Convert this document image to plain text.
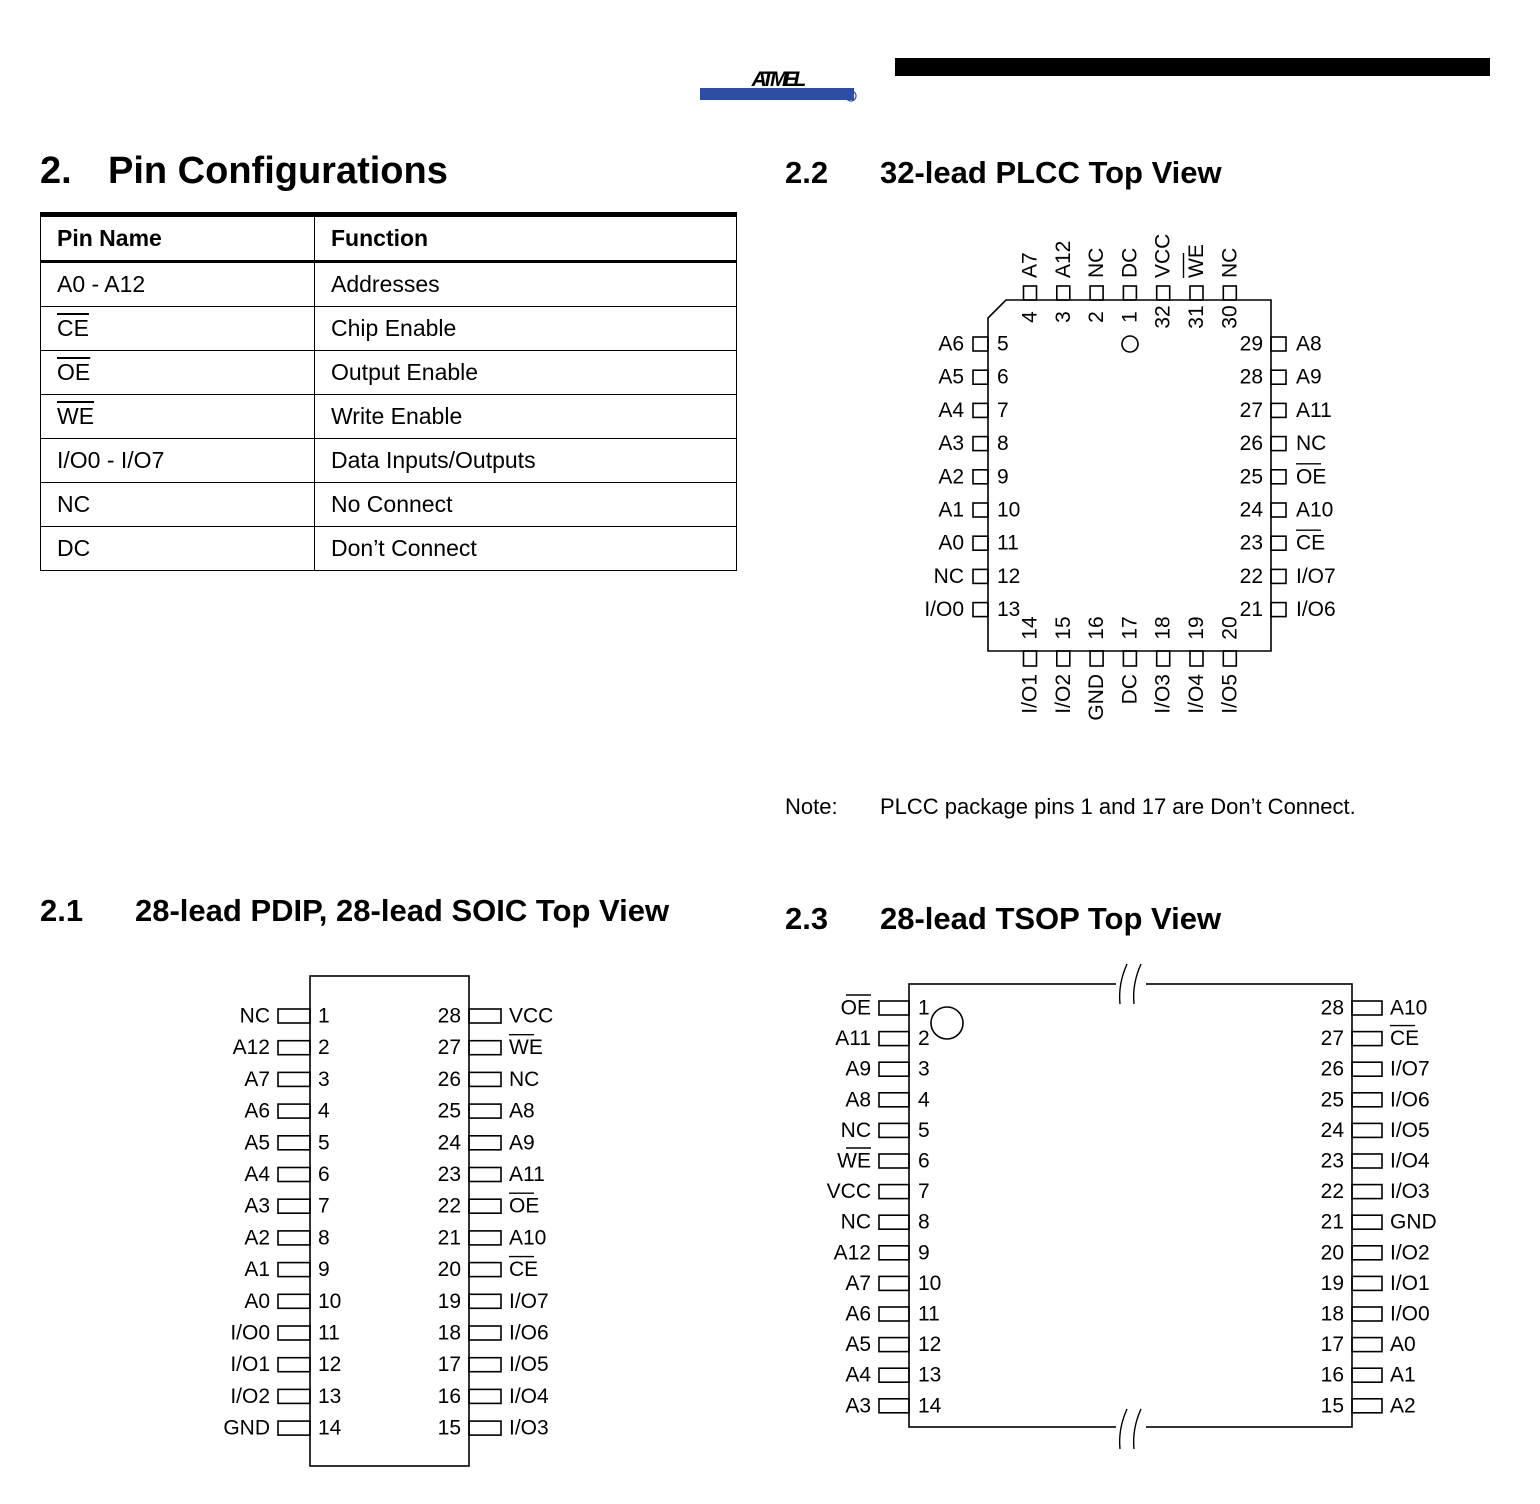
ATMEL
2. Pin Configurations
Pin Name	Function
A0 - A12	Addresses
$\overline{CE}$	Chip Enable
$\overline{OE}$	Output Enable
$\overline{WE}$	Write Enable
I/O0 - I/O7	Data Inputs/Outputs
NC	No Connect
DC	Don’t Connect
2.1 28-lead PDIP, 28-lead SOIC Top View
2.2 32-lead PLCC Top View
2.3 28-lead TSOP Top View
Note: PLCC package pins 1 and 17 are Don’t Connect.
1
NC
2
A12
3
A7
4
A6
5
A5
6
A4
7
A3
8
A2
9
A1
10
A0
11
I/O0
12
I/O1
13
I/O2
14
GND
28 VCC
27 WE
26 NC
25 A8
24 A9
23 A11
22 OE
21 A10
20 CE
19 I/O7
18 I/O6
17 I/O5
16 I/O4
15 I/O3
4
A7
3
A12
2
NC
1
DC
32
VCC
31
WE
30
NC
14
I/O1
15
I/O2
16
GND
17
DC
18
I/O3
19
I/O4
20
I/O5
5
A6
6
A5
7
A4
8
A3
9
A2
10
A1
11
A0
12
NC
13
I/O0
29 A8
28 A9
27 A11
26 NC
25 OE
24 A10
23 CE
22 I/O7
21 I/O6
1
OE
2
A11
3
A9
4
A8
5
NC
6
WE
7
VCC
8
NC
9
A12
10
A7
11
A6
12
A5
13
A4
14
A3
28 A10
27 CE
26 I/O7
25 I/O6
24 I/O5
23 I/O4
22 I/O3
21 GND
20 I/O2
19 I/O1
18 I/O0
17 A0
16 A1
15 A2
